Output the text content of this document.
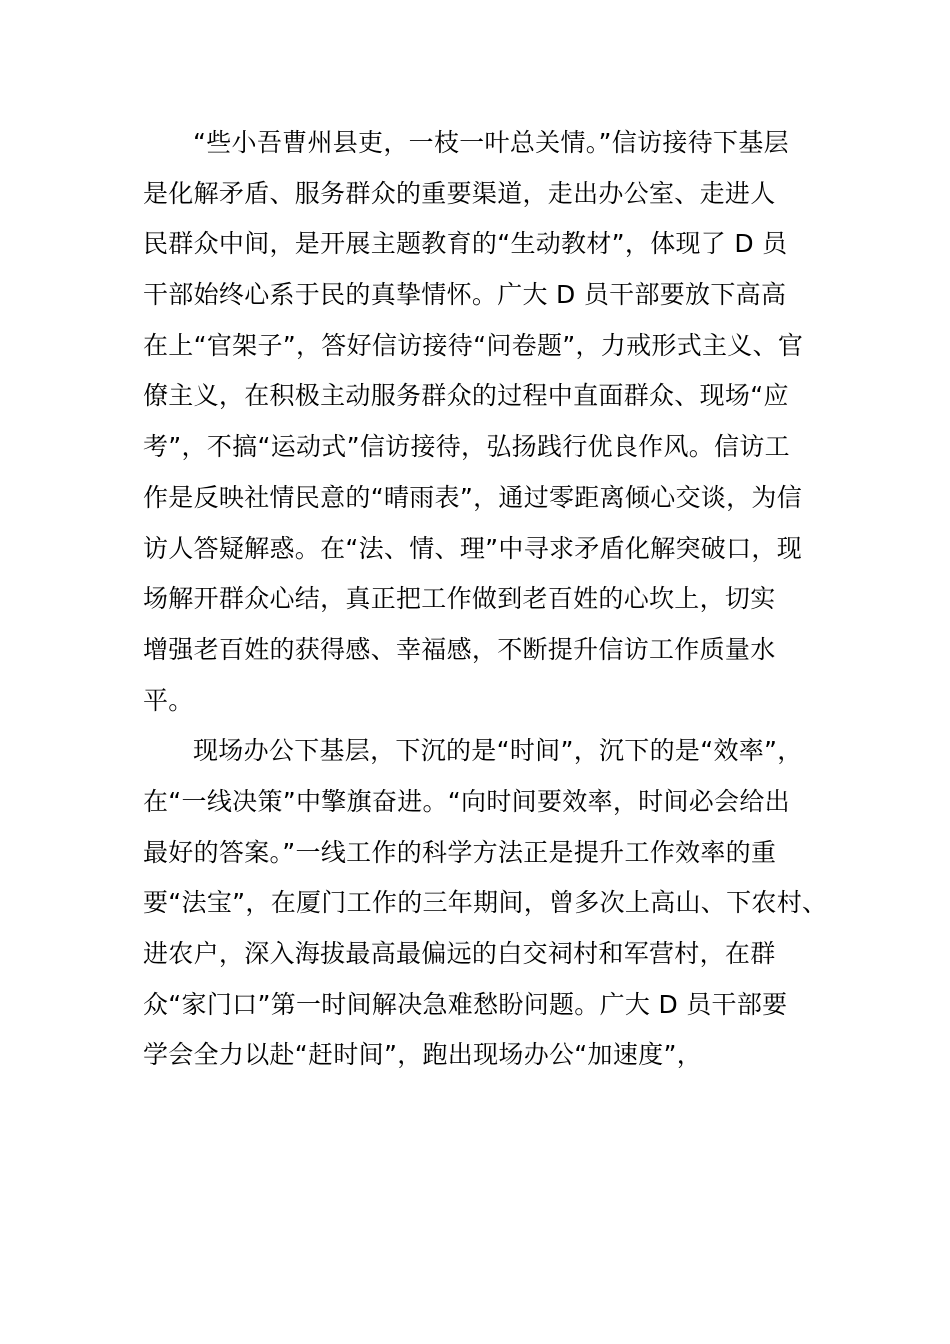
“些小吾曹州县吏，一枝一叶总关情。”信访接待下基层
是化解矛盾、服务群众的重要渠道，走出办公室、走进人
民群众中间，是开展主题教育的“生动教材”，体现了 D 员
干部始终心系于民的真挚情怀。广大 D 员干部要放下高高
在上“官架子”，答好信访接待“问卷题”，力戒形式主义、官
僚主义，在积极主动服务群众的过程中直面群众、现场“应
考”，不搞“运动式”信访接待，弘扬践行优良作风。信访工
作是反映社情民意的“晴雨表”，通过零距离倾心交谈，为信
访人答疑解惑。在“法、情、理”中寻求矛盾化解突破口，现
场解开群众心结，真正把工作做到老百姓的心坎上，切实
增强老百姓的获得感、幸福感，不断提升信访工作质量水
平。
现场办公下基层，下沉的是“时间”，沉下的是“效率”，
在“一线决策”中擎旗奋进。“向时间要效率，时间必会给出
最好的答案。”一线工作的科学方法正是提升工作效率的重
要“法宝”，在厦门工作的三年期间，曾多次上高山、下农村、
进农户，深入海拔最高最偏远的白交祠村和军营村，在群
众“家门口”第一时间解决急难愁盼问题。广大 D 员干部要
学会全力以赴“赶时间”，跑出现场办公“加速度”，
